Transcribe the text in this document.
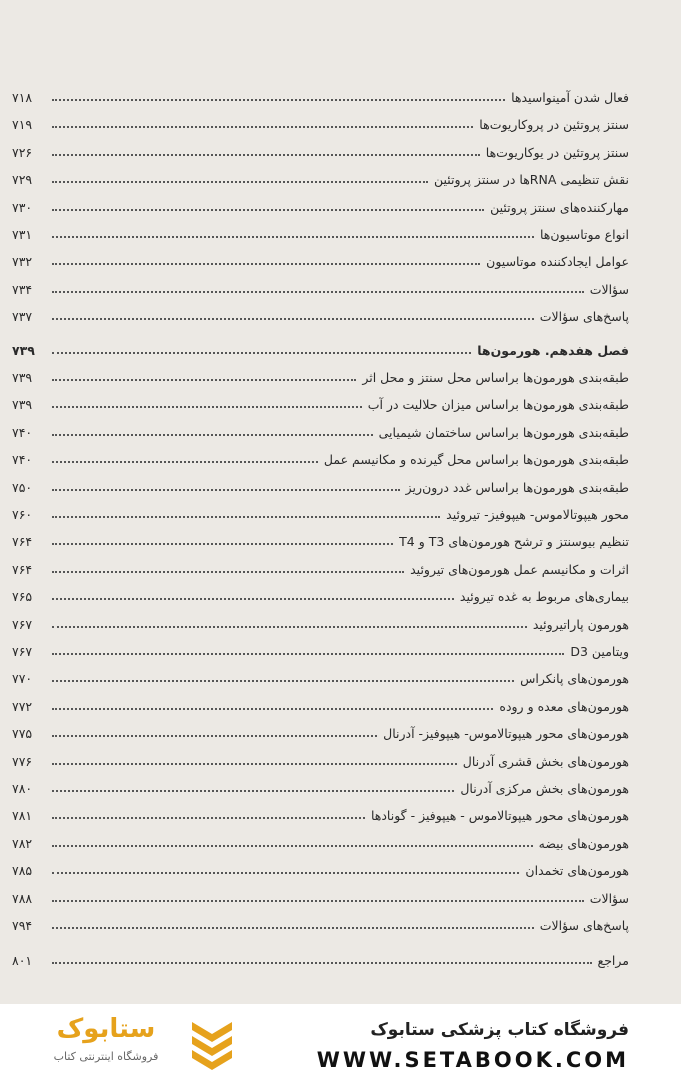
فعال شدن آمینواسیدها
۷۱۸
سنتز پروتئین در پروکاریوت‌ها
۷۱۹
سنتز پروتئین در یوکاریوت‌ها
۷۲۶
نقش تنظیمی RNAها در سنتز پروتئین
۷۲۹
مهارکننده‌های سنتز پروتئین
۷۳۰
انواع موتاسیون‌ها
۷۳۱
عوامل ایجادکننده موتاسیون
۷۳۲
سؤالات
۷۳۴
پاسخ‌های سؤالات
۷۳۷
فصل هفدهم. هورمون‌ها
۷۳۹
طبقه‌بندی هورمون‌ها براساس محل سنتز و محل اثر
۷۳۹
طبقه‌بندی هورمون‌ها براساس میزان حلالیت در آب
۷۳۹
طبقه‌بندی هورمون‌ها براساس ساختمان شیمیایی
۷۴۰
طبقه‌بندی هورمون‌ها براساس محل گیرنده و مکانیسم عمل
۷۴۰
طبقه‌بندی هورمون‌ها براساس غدد درون‌ریز
۷۵۰
محور هیپوتالاموس- هیپوفیز- تیروئید
۷۶۰
تنظیم بیوسنتز و ترشح هورمون‌های T3 و T4
۷۶۴
اثرات و مکانیسم عمل هورمون‌های تیروئید
۷۶۴
بیماری‌های مربوط به غده تیروئید
۷۶۵
هورمون پاراتیروئید
۷۶۷
ویتامین D3
۷۶۷
هورمون‌های پانکراس
۷۷۰
هورمون‌های معده و روده
۷۷۲
هورمون‌های محور هیپوتالاموس- هیپوفیز- آدرنال
۷۷۵
هورمون‌های بخش قشری آدرنال
۷۷۶
هورمون‌های بخش مرکزی آدرنال
۷۸۰
هورمون‌های محور هیپوتالاموس - هیپوفیز - گونادها
۷۸۱
هورمون‌های بیضه
۷۸۲
هورمون‌های تخمدان
۷۸۵
سؤالات
۷۸۸
پاسخ‌های سؤالات
۷۹۴
مراجع
۸۰۱
ستابوک
فروشگاه اینترنتی کتاب
فروشگاه کتاب پزشکی ستابوک
WWW.SETABOOK.COM
